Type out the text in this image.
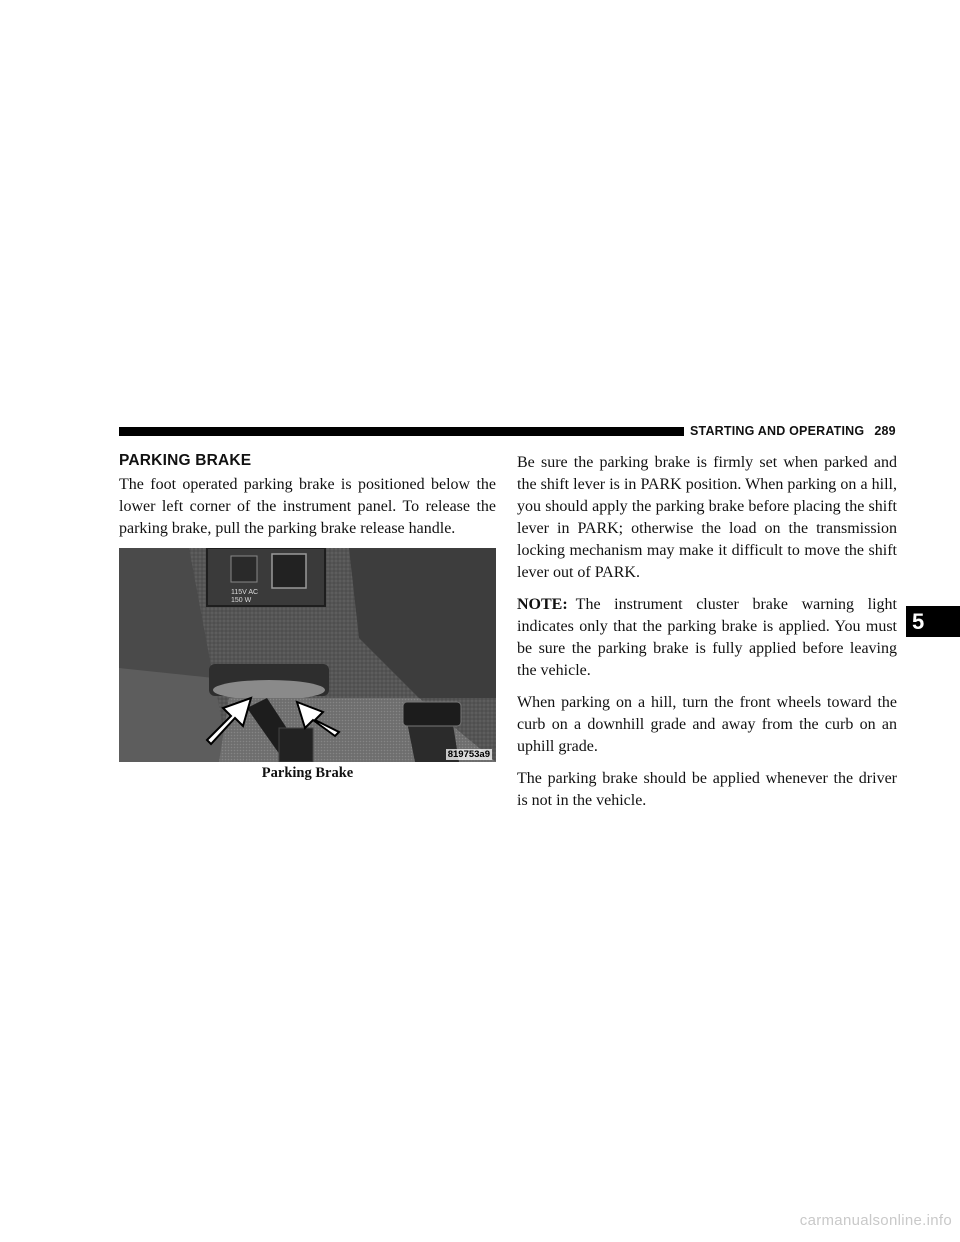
STARTING AND OPERATING 289
PARKING BRAKE

The foot operated parking brake is positioned below the lower left corner of the instrument panel. To release the parking brake, pull the parking brake release handle.

115V AC
150 W
819753a9
Parking Brake

Be sure the parking brake is firmly set when parked and the shift lever is in PARK position. When parking on a hill, you should apply the parking brake before placing the shift lever in PARK; otherwise the load on the transmission locking mechanism may make it difficult to move the shift lever out of PARK.

NOTE: The instrument cluster brake warning light indicates only that the parking brake is applied. You must be sure the parking brake is fully applied before leaving the vehicle.

When parking on a hill, turn the front wheels toward the curb on a downhill grade and away from the curb on an uphill grade.

The parking brake should be applied whenever the driver is not in the vehicle.

5
carmanualsonline.info
